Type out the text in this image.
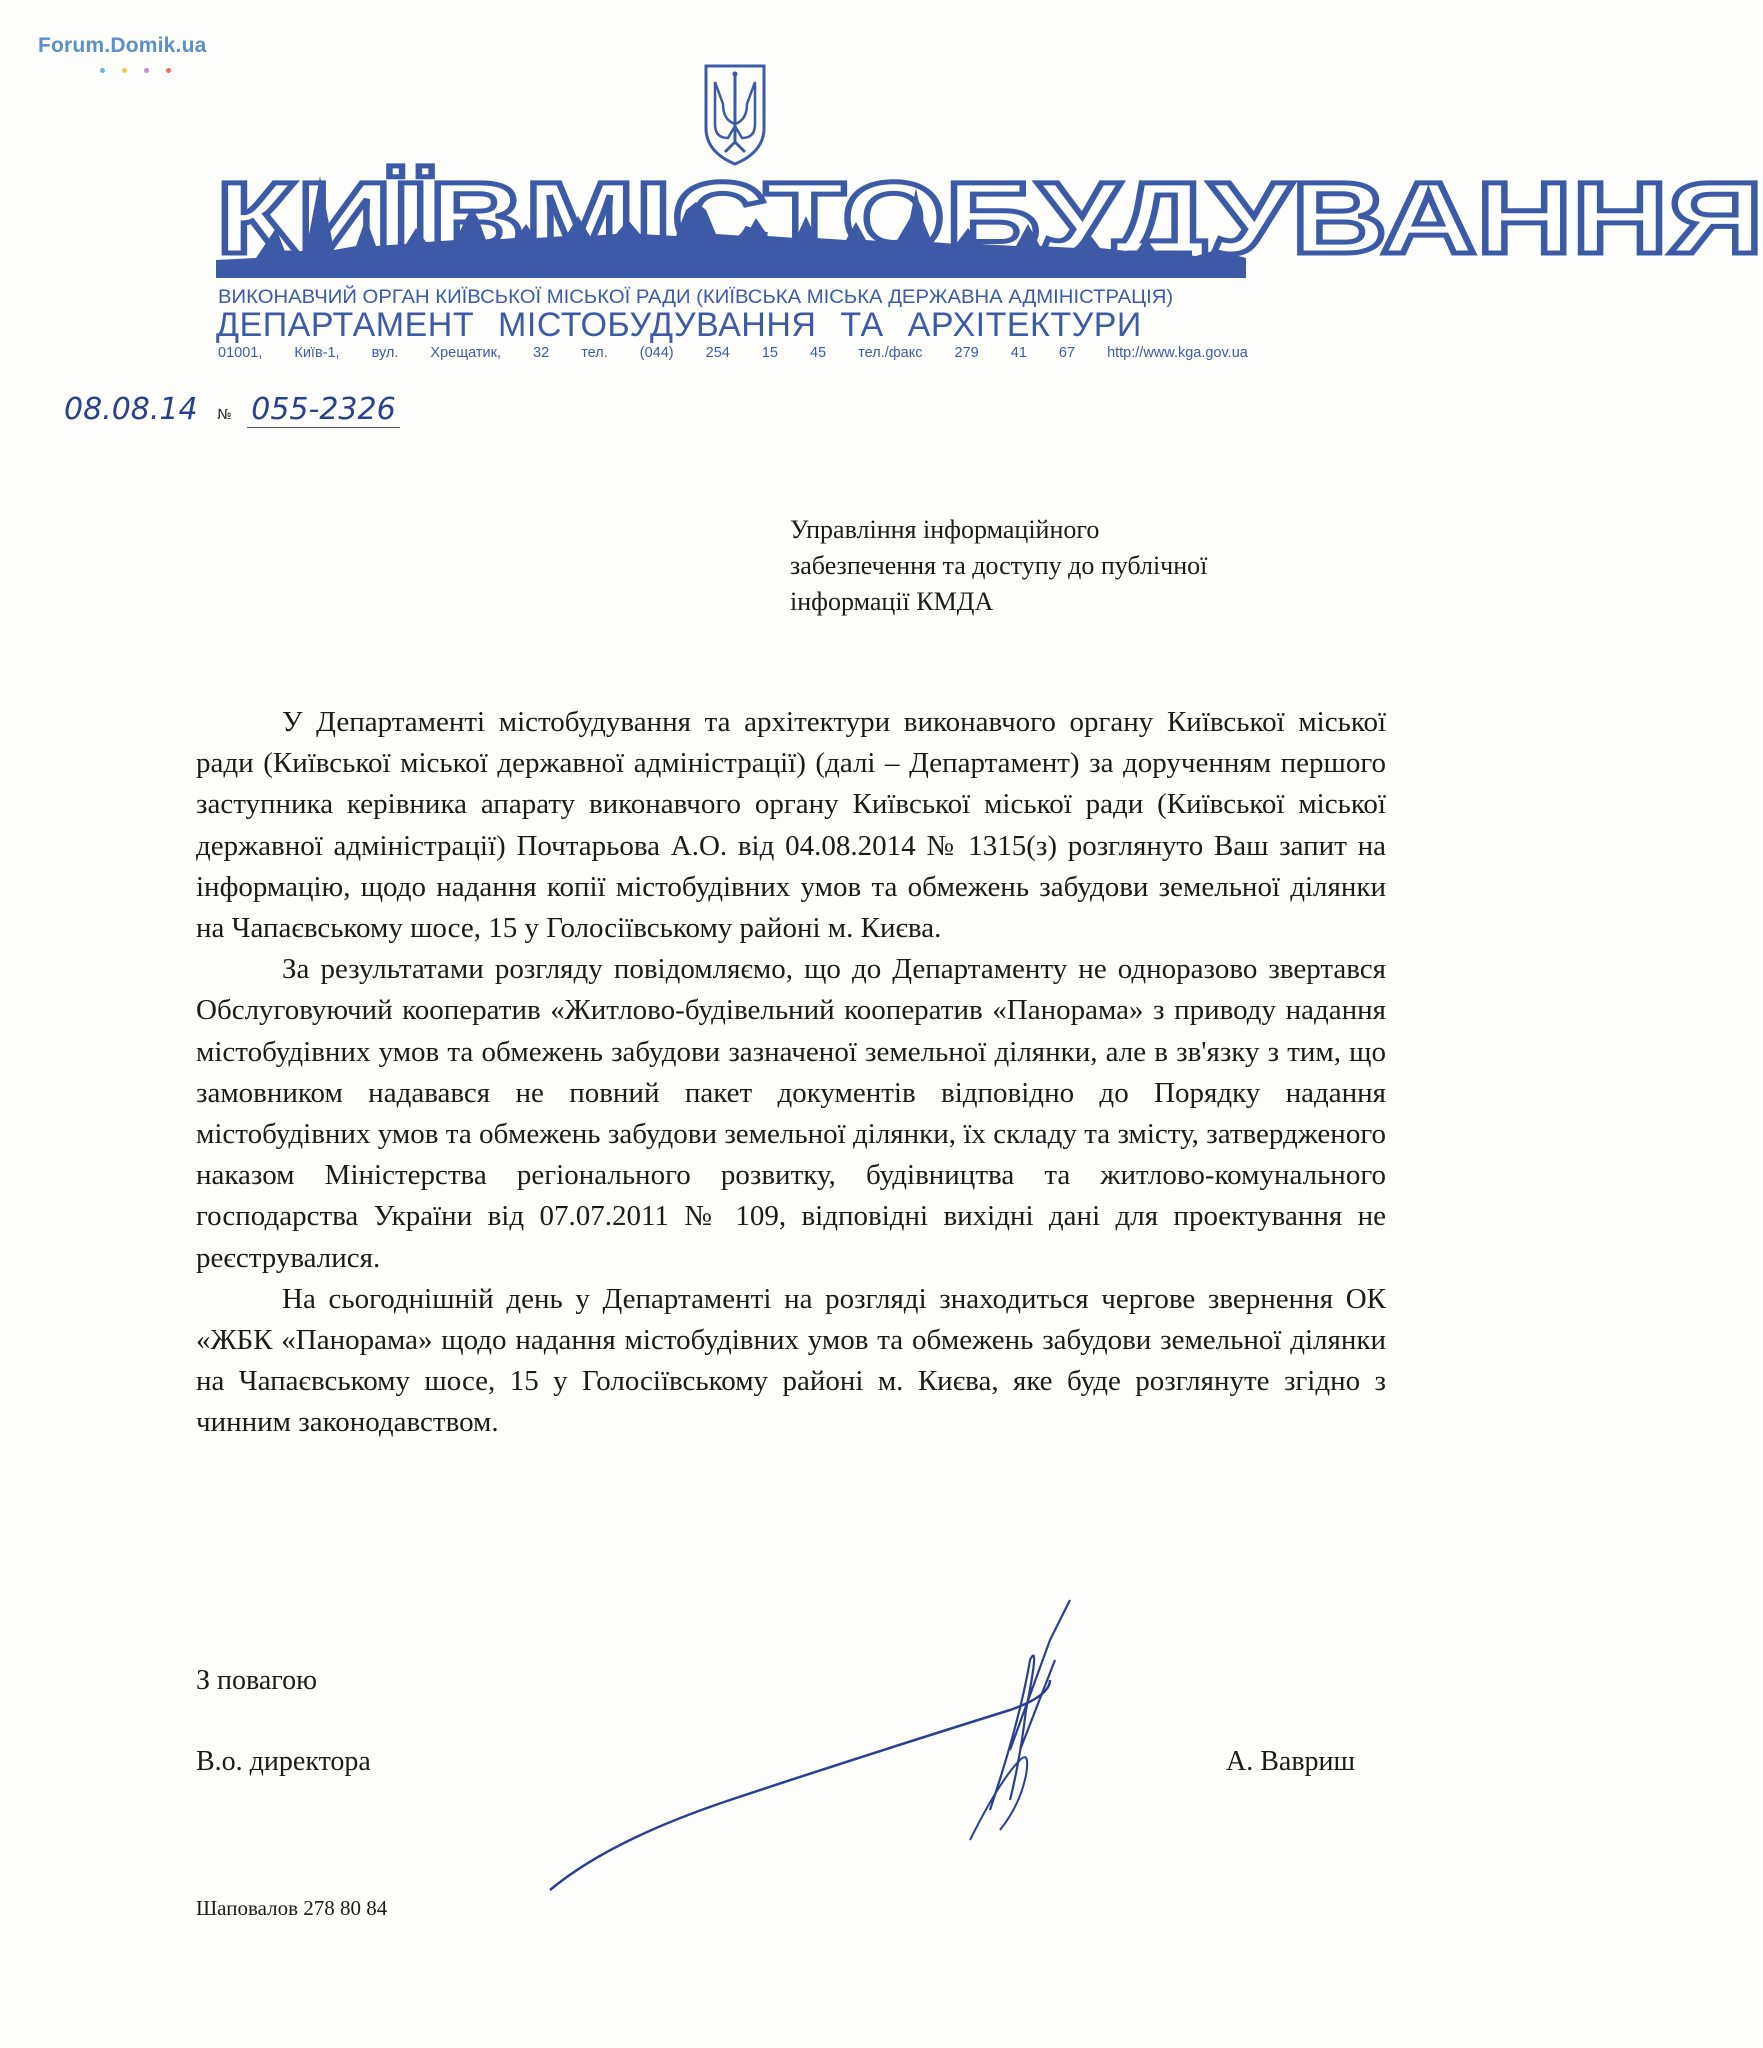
Forum.Domik.ua
КИЇВМІСТОБУДУВАННЯ
ВИКОНАВЧИЙ ОРГАН КИЇВСЬКОЇ МІСЬКОЇ РАДИ (КИЇВСЬКА МІСЬКА ДЕРЖАВНА АДМІНІСТРАЦІЯ)
ДЕПАРТАМЕНТ МІСТОБУДУВАННЯ ТА АРХІТЕКТУРИ
01001, Київ-1, вул. Хрещатик, 32 тел. (044) 254 15 45 тел./факс 279 41 67 http://www.kga.gov.ua
08.08.14 № 055-2326
Управління інформаційного
забезпечення та доступу до публічної
інформації КМДА

У Департаменті містобудування та архітектури виконавчого органу Київської міської ради (Київської міської державної адміністрації) (далі – Департамент) за дорученням першого заступника керівника апарату виконавчого органу Київської міської ради (Київської міської державної адміністрації) Почтарьова А.О. від 04.08.2014 № 1315(з) розглянуто Ваш запит на інформацію, щодо надання копії містобудівних умов та обмежень забудови земельної ділянки на Чапаєвському шосе, 15 у Голосіївському районі м. Києва.

За результатами розгляду повідомляємо, що до Департаменту не одноразово звертався Обслуговуючий кооператив «Житлово-будівельний кооператив «Панорама» з приводу надання містобудівних умов та обмежень забудови зазначеної земельної ділянки, але в зв'язку з тим, що замовником надавався не повний пакет документів відповідно до Порядку надання містобудівних умов та обмежень забудови земельної ділянки, їх складу та змісту, затвердженого наказом Міністерства регіонального розвитку, будівництва та житлово-комунального господарства України від 07.07.2011 № 109, відповідні вихідні дані для проектування не реєструвалися.

На сьогоднішній день у Департаменті на розгляді знаходиться чергове звернення ОК «ЖБК «Панорама» щодо надання містобудівних умов та обмежень забудови земельної ділянки на Чапаєвському шосе, 15 у Голосіївському районі м. Києва, яке буде розглянуте згідно з чинним законодавством.

З повагою
В.о. директора	А. Вавриш
Шаповалов 278 80 84
